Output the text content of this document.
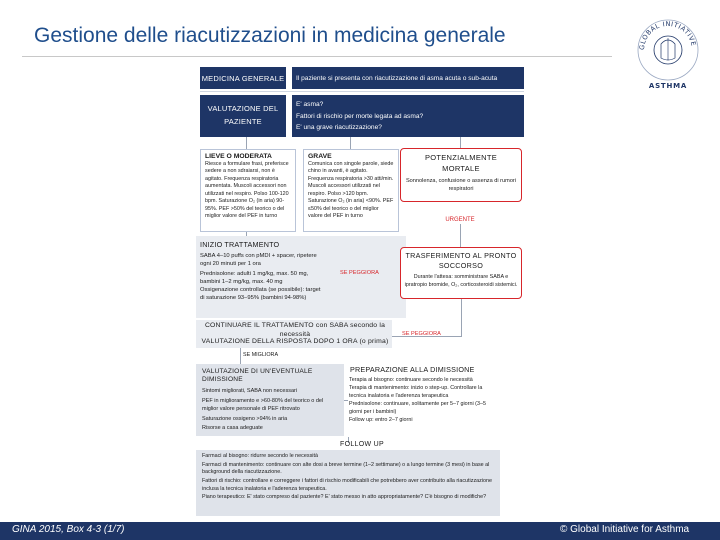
Gestione delle riacutizzazioni in medicina generale
GLOBAL INITIATIVE
ASTHMA
MEDICINA GENERALE	Il paziente si presenta con riacutizzazione di asma acuta o sub-acuta
VALUTAZIONE DEL PAZIENTE
E' asma?
Fattori di rischio per morte legata ad asma?
E' una grave riacutizzazione?
LIEVE O MODERATA
Riesce a formulare frasi, preferisce sedere a non sdraiarsi, non è agitato. Frequenza respiratoria aumentata. Muscoli accessori non utilizzati nel respiro. Polso 100-120 bpm. Saturazione O₂ (in aria) 90-95%. PEF >50% del teorico o del miglior valore del PEF in turno
GRAVE
Comunica con singole parole, siede chino in avanti, è agitato. Frequenza respiratoria >30 atti/min. Muscoli accessori utilizzati nel respiro. Polso >120 bpm. Saturazione O₂ (in aria) <90%. PEF ≤50% del teorico o del miglior valore del PEF in turno
POTENZIALMENTE MORTALE
Sonnolenza, confusione o assenza di rumori respiratori
URGENTE
INIZIO TRATTAMENTO
SABA 4–10 puffs con pMDI + spacer, ripetere ogni 20 minuti per 1 ora
Prednisolone: adulti 1 mg/kg, max. 50 mg, bambini 1–2 mg/kg, max. 40 mg
Ossigenazione controllata (se possibile): target di saturazione 93–95% (bambini 94-98%)
SE PEGGIORA
TRASFERIMENTO AL PRONTO SOCCORSO
Durante l'attesa: somministrare SABA e ipratropio bromide, O₂, corticosteroidi sistemici.
CONTINUARE IL TRATTAMENTO con SABA secondo la necessità
VALUTAZIONE DELLA RISPOSTA DOPO 1 ORA (o prima)
SE PEGGIORA
SE MIGLIORA
VALUTAZIONE DI UN'EVENTUALE DIMISSIONE
Sintomi migliorati, SABA non necessari
PEF in miglioramento e >60-80% del teorico o del miglior valore personale di PEF ritrovato
Saturazione ossigeno >94% in aria
Risorse a casa adeguate
PREPARAZIONE ALLA DIMISSIONE
Terapia al bisogno: continuare secondo le necessità
Terapia di mantenimento: inizio o step-up. Controllare la tecnica inalatoria e l'aderenza terapeutica
Prednisolone: continuare, solitamente per 5–7 giorni (3–5 giorni per i bambini)
Follow up: entro 2–7 giorni
FOLLOW UP
Farmaci al bisogno: ridurre secondo le necessità
Farmaci di mantenimento: continuare con alte dosi a breve termine (1–2 settimane) o a lungo termine (3 mesi) in base al background della riacutizzazione.
Fattori di rischio: controllare e correggere i fattori di rischio modificabili che potrebbero aver contribuito alla riacutizzazione inclusa la tecnica inalatoria e l'aderenza terapeutica.
Piano terapeutico: E' stato compreso dal paziente? E' stato messo in atto appropriatamente? C'è bisogno di modifiche?
GINA 2015, Box 4-3 (1/7)	© Global Initiative for Asthma
